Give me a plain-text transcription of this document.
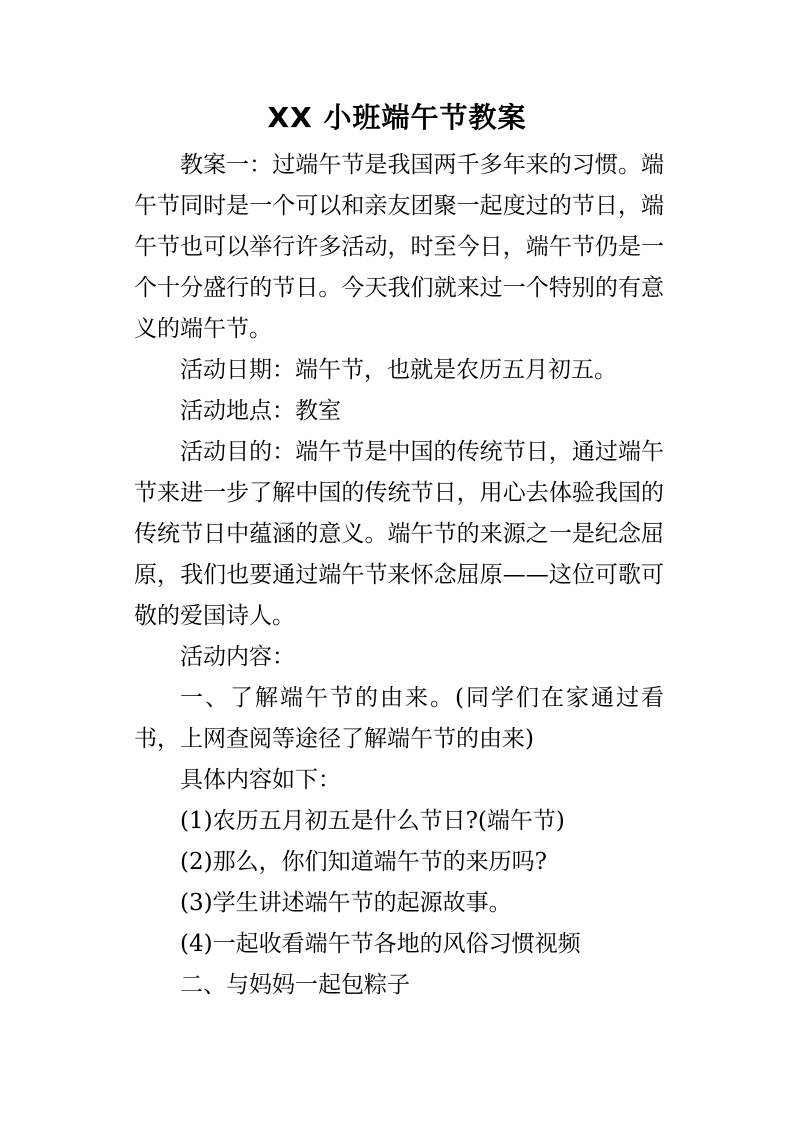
XX 小班端午节教案

教案一：过端午节是我国两千多年来的习惯。端午节同时是一个可以和亲友团聚一起度过的节日，端午节也可以举行许多活动，时至今日，端午节仍是一个十分盛行的节日。今天我们就来过一个特别的有意义的端午节。

活动日期：端午节，也就是农历五月初五。

活动地点：教室

活动目的：端午节是中国的传统节日，通过端午节来进一步了解中国的传统节日，用心去体验我国的传统节日中蕴涵的意义。端午节的来源之一是纪念屈原，我们也要通过端午节来怀念屈原——这位可歌可敬的爱国诗人。

活动内容：

一、了解端午节的由来。(同学们在家通过看书，上网查阅等途径了解端午节的由来)

具体内容如下：

(1)农历五月初五是什么节日?(端午节)

(2)那么，你们知道端午节的来历吗?

(3)学生讲述端午节的起源故事。

(4)一起收看端午节各地的风俗习惯视频

二、与妈妈一起包粽子
